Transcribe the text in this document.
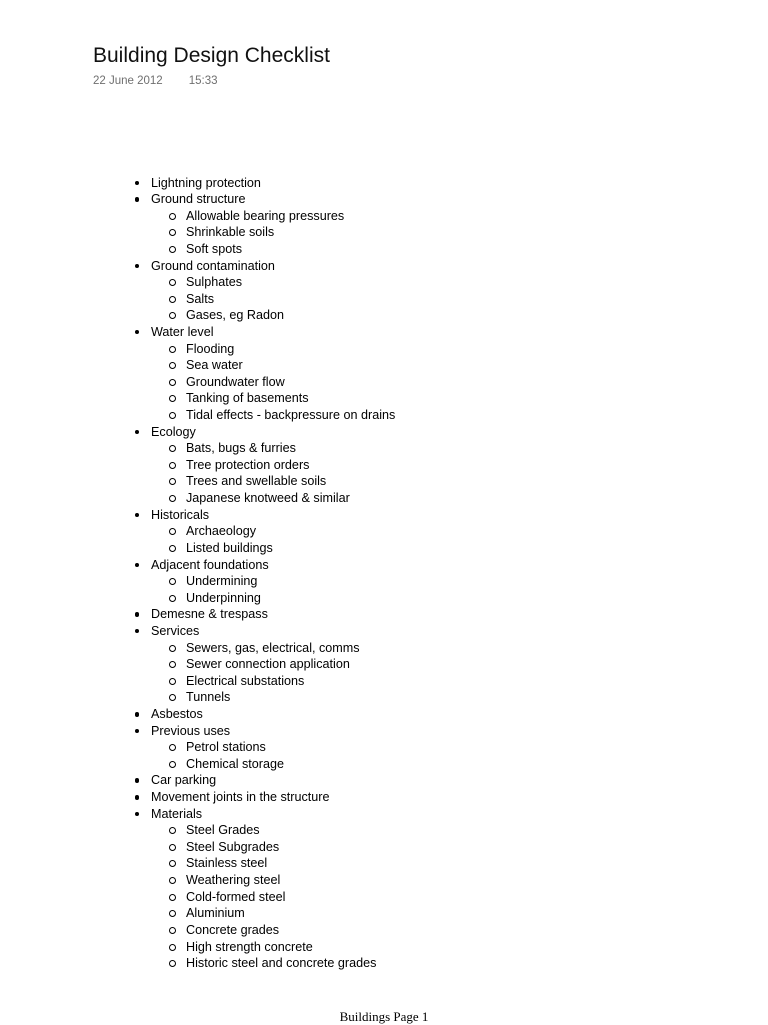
Building Design Checklist
22 June 2012 15:33
Lightning protection
Ground structure
Allowable bearing pressures
Shrinkable soils
Soft spots
Ground contamination
Sulphates
Salts
Gases, eg Radon
Water level
Flooding
Sea water
Groundwater flow
Tanking of basements
Tidal effects - backpressure on drains
Ecology
Bats, bugs & furries
Tree protection orders
Trees and swellable soils
Japanese knotweed & similar
Historicals
Archaeology
Listed buildings
Adjacent foundations
Undermining
Underpinning
Demesne & trespass
Services
Sewers, gas, electrical, comms
Sewer connection application
Electrical substations
Tunnels
Asbestos
Previous uses
Petrol stations
Chemical storage
Car parking
Movement joints in the structure
Materials
Steel Grades
Steel Subgrades
Stainless steel
Weathering steel
Cold-formed steel
Aluminium
Concrete grades
High strength concrete
Historic steel and concrete grades
Buildings Page 1
